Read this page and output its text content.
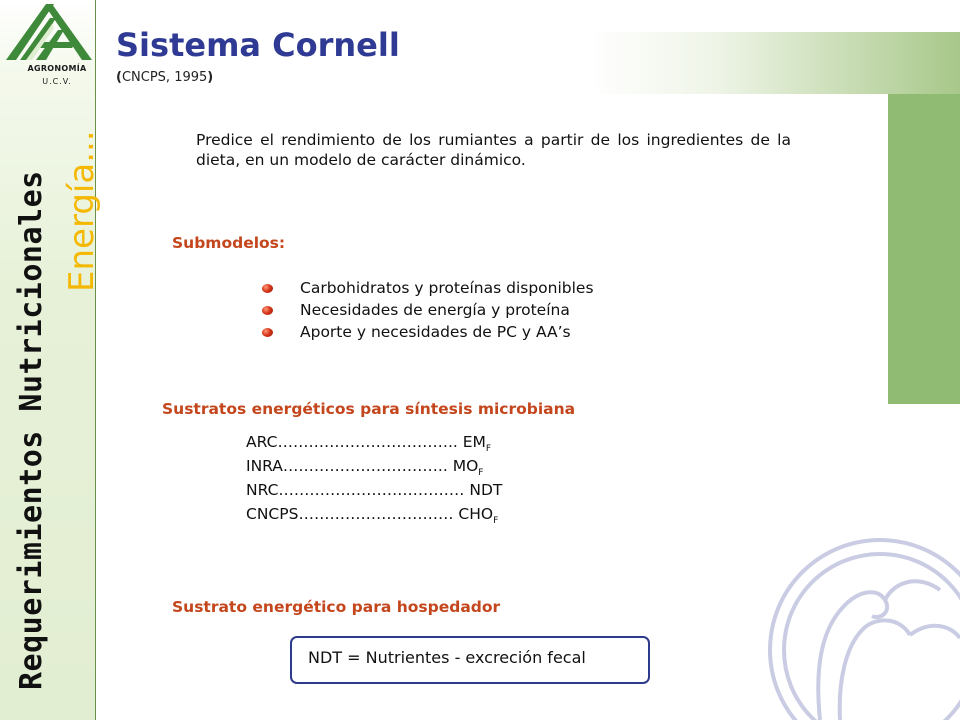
AGRONOMÍA
U.C.V.
Requerimientos Nutricionales Energía...
Sistema Cornell
(CNCPS, 1995)
Predice el rendimiento de los rumiantes a partir de los ingredientes de la dieta, en un modelo de carácter dinámico.
Submodelos:
Carbohidratos y proteínas disponibles
Necesidades de energía y proteína
Aporte y necesidades de PC y AA’s
Sustratos energéticos para síntesis microbiana
ARC…………………………….. $EM_F$
INRA………………………….. $MO_F$
NRC……………………………… NDT
CNCPS………………………… $CHO_F$
Sustrato energético para hospedador
NDT = Nutrientes - excreción fecal
